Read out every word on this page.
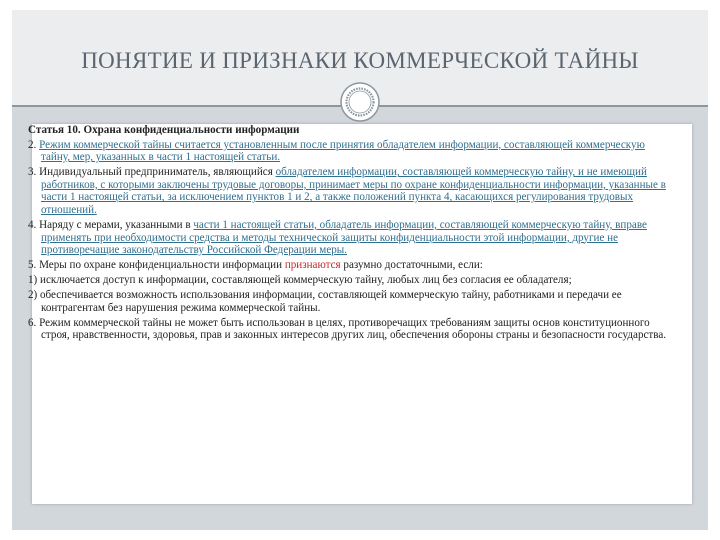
ПОНЯТИЕ И ПРИЗНАКИ КОММЕРЧЕСКОЙ ТАЙНЫ

Статья 10. Охрана конфиденциальности информации

2. Режим коммерческой тайны считается установленным после принятия обладателем информации, составляющей коммерческую тайну, мер, указанных в части 1 настоящей статьи.

3. Индивидуальный предприниматель, являющийся обладателем информации, составляющей коммерческую тайну, и не имеющий работников, с которыми заключены трудовые договоры, принимает меры по охране конфиденциальности информации, указанные в части 1 настоящей статьи, за исключением пунктов 1 и 2, а также положений пункта 4, касающихся регулирования трудовых отношений.

4. Наряду с мерами, указанными в части 1 настоящей статьи, обладатель информации, составляющей коммерческую тайну, вправе применять при необходимости средства и методы технической защиты конфиденциальности этой информации, другие не противоречащие законодательству Российской Федерации меры.

5. Меры по охране конфиденциальности информации признаются разумно достаточными, если:

1) исключается доступ к информации, составляющей коммерческую тайну, любых лиц без согласия ее обладателя;

2) обеспечивается возможность использования информации, составляющей коммерческую тайну, работниками и передачи ее контрагентам без нарушения режима коммерческой тайны.

6. Режим коммерческой тайны не может быть использован в целях, противоречащих требованиям защиты основ конституционного строя, нравственности, здоровья, прав и законных интересов других лиц, обеспечения обороны страны и безопасности государства.
